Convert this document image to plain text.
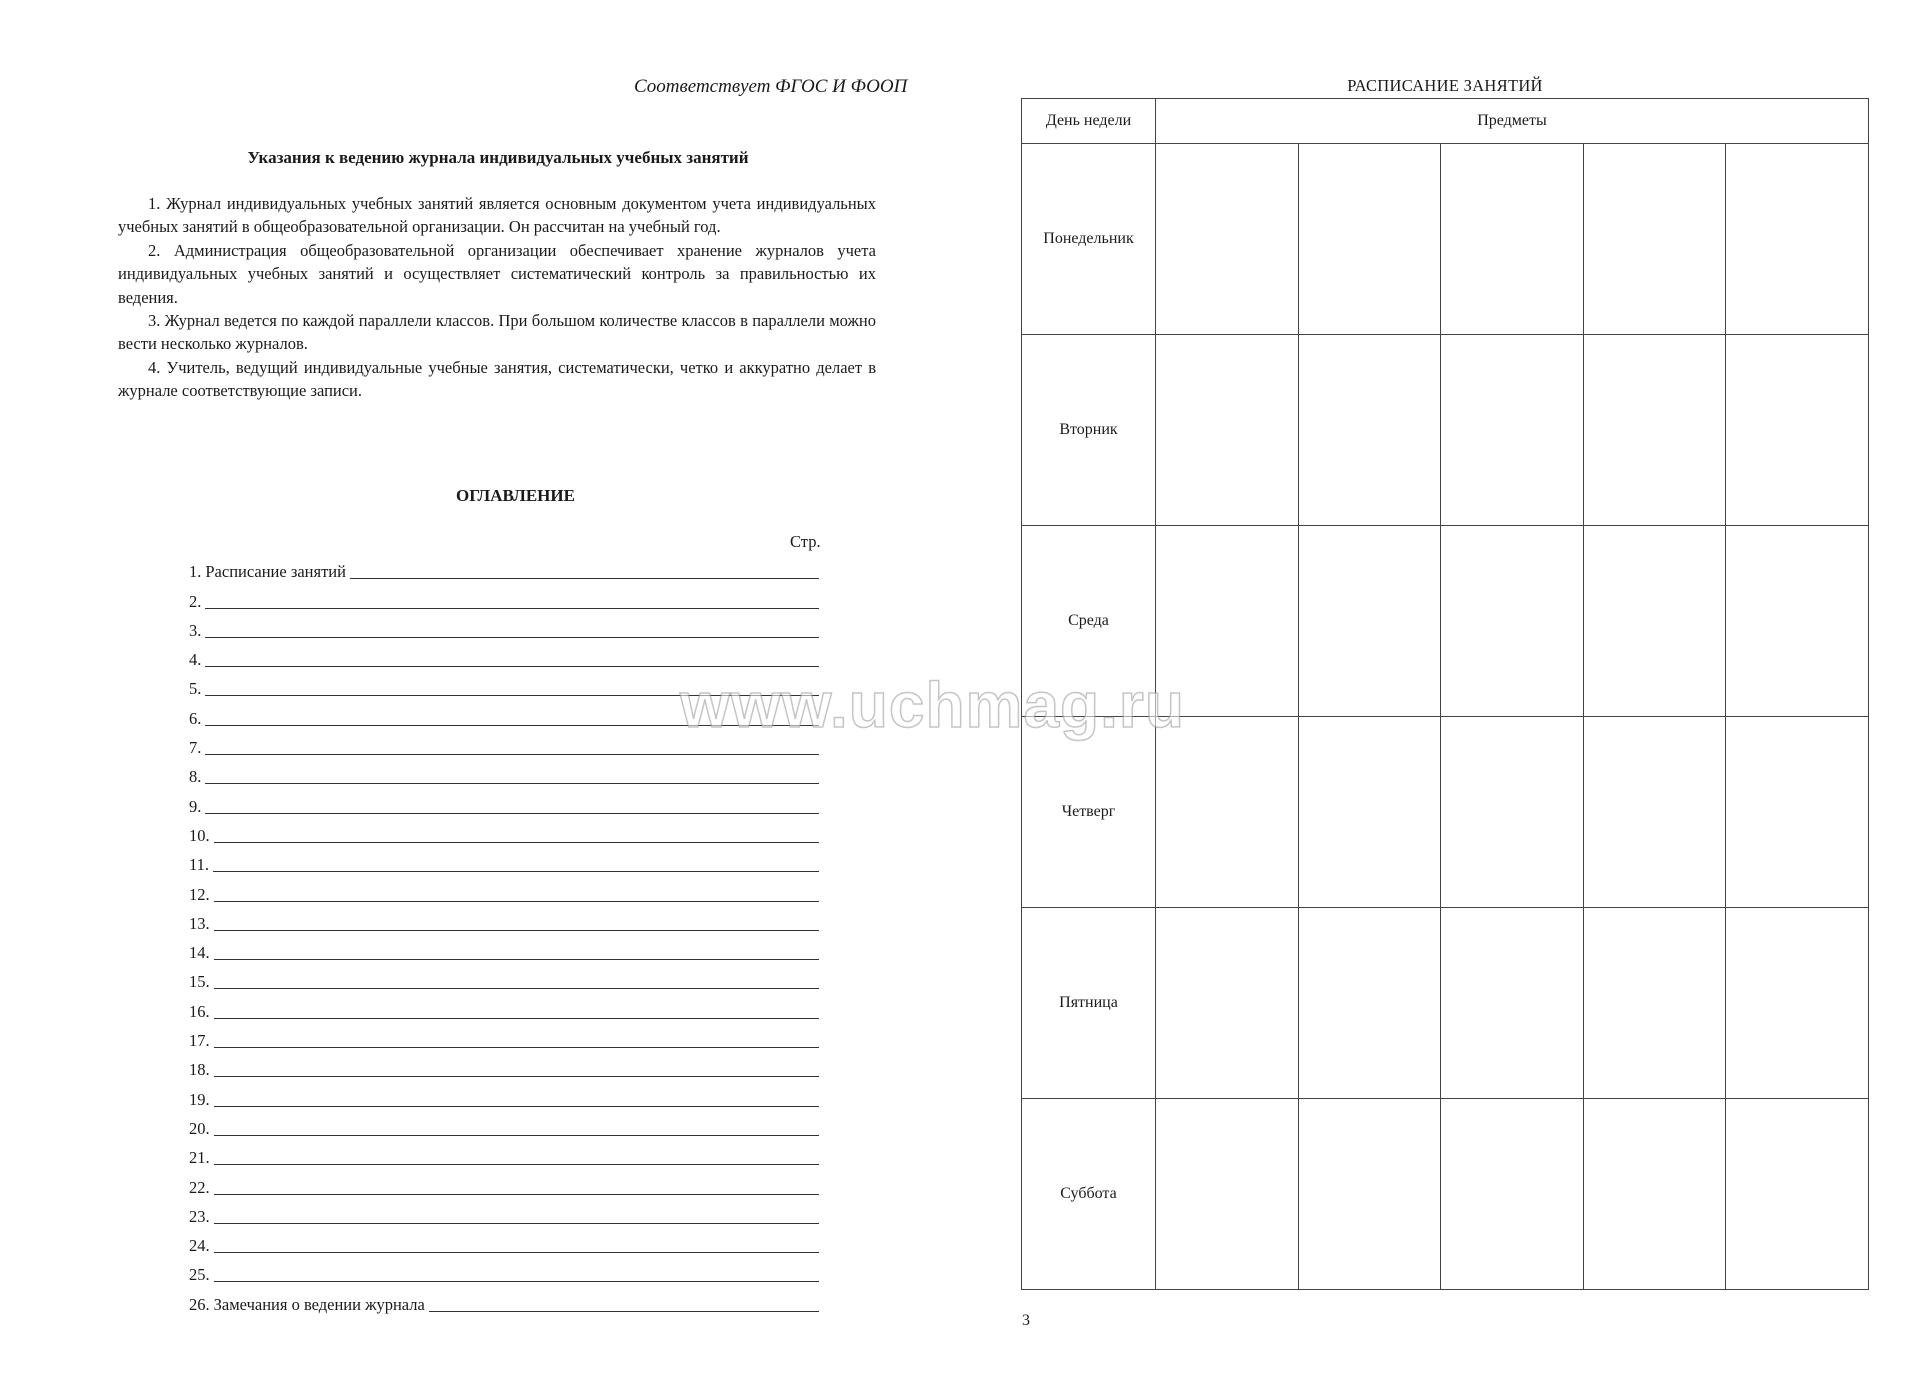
Соответствует ФГОС И ФООП
Указания к ведению журнала индивидуальных учебных занятий

1. Журнал индивидуальных учебных занятий является основным документом учета индивидуальных учебных занятий в общеобразовательной организации. Он рассчитан на учебный год.

2. Администрация общеобразовательной организации обеспечивает хранение журналов учета индивидуальных учебных занятий и осуществляет систематический контроль за правильностью их ведения.

3. Журнал ведется по каждой параллели классов. При большом количестве классов в параллели можно вести несколько журналов.

4. Учитель, ведущий индивидуальные учебные занятия, систематически, четко и аккуратно делает в журнале соответствующие записи.

ОГЛАВЛЕНИЕ
Стр.
1. Расписание занятий
2.
3.
4.
5.
6.
7.
8.
9.
10.
11.
12.
13.
14.
15.
16.
17.
18.
19.
20.
21.
22.
23.
24.
25.
26. Замечания о ведении журнала
РАСПИСАНИЕ ЗАНЯТИЙ
День недели	Предметы				
Понедельник					
Вторник					
Среда					
Четверг					
Пятница					
Суббота					
3
www.uchmag.ru
